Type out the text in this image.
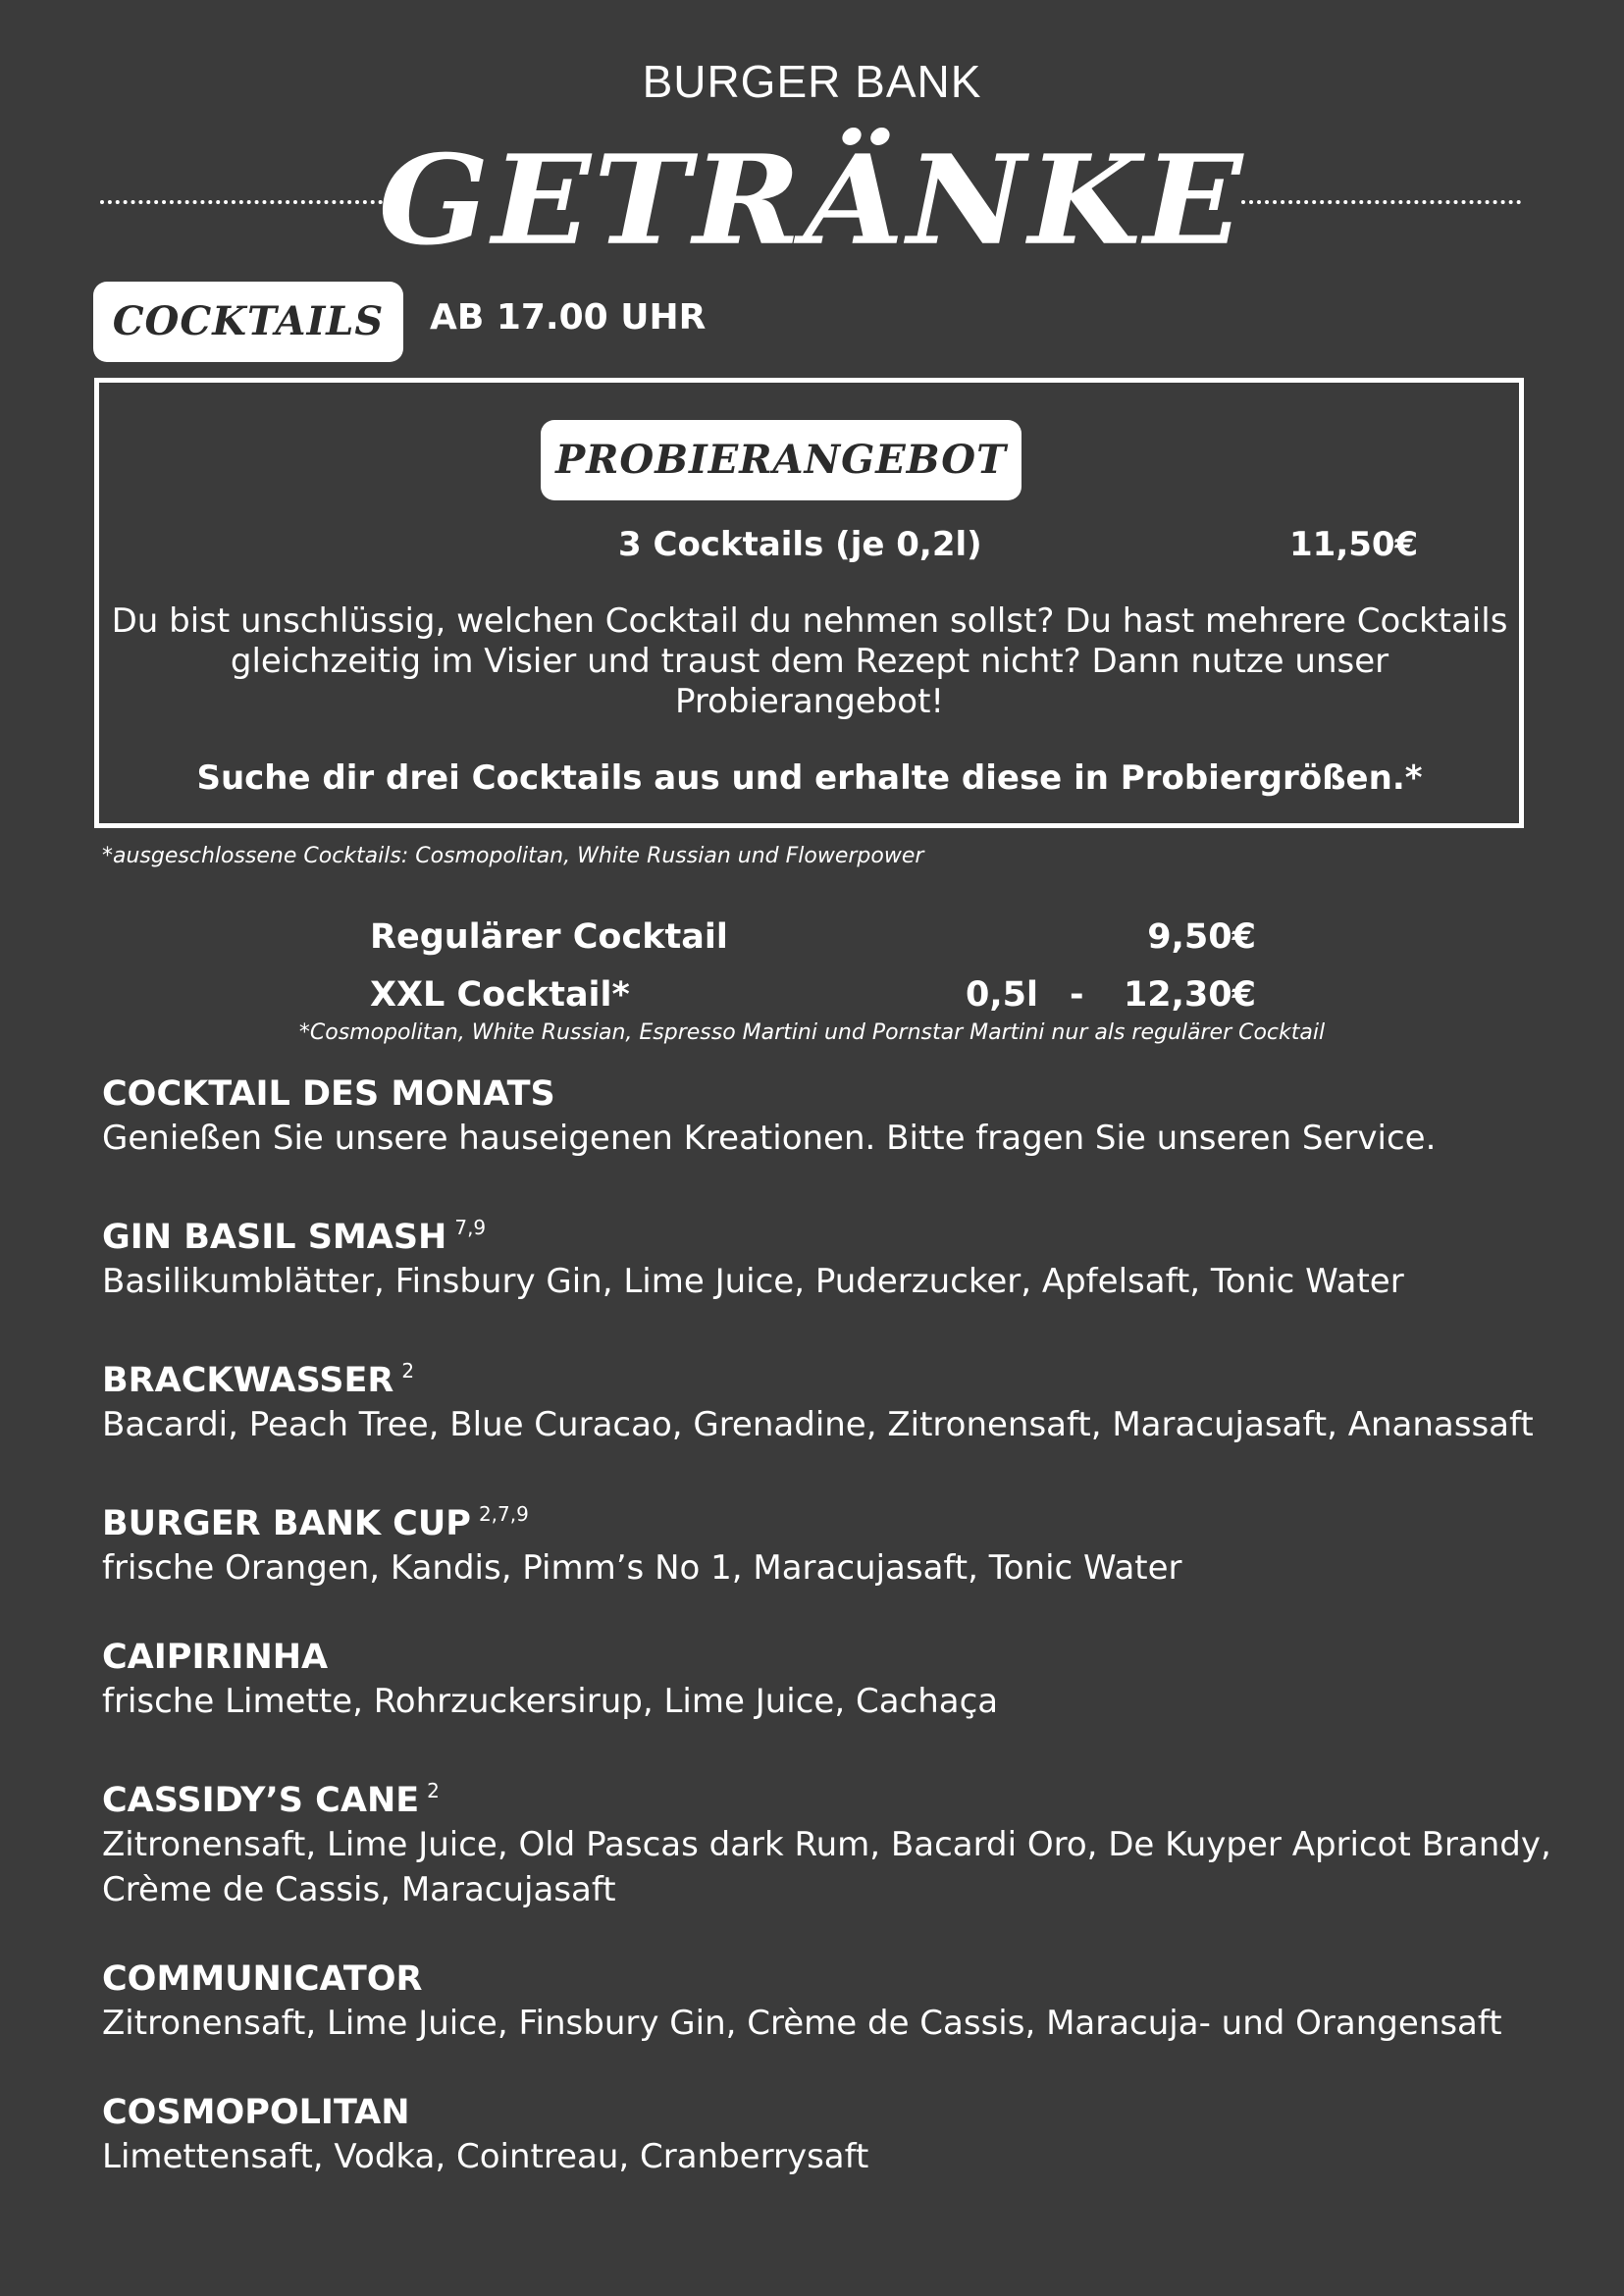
BURGER BANK
GETRÄNKE
COCKTAILS	AB 17.00 UHR
PROBIERANGEBOT
3 Cocktails (je 0,2l)	11,50€
Du bist unschlüssig, welchen Cocktail du nehmen sollst? Du hast mehrere Cocktails gleichzeitig im Visier und traust dem Rezept nicht? Dann nutze unser Probierangebot!
Suche dir drei Cocktails aus und erhalte diese in Probiergrößen.*
*ausgeschlossene Cocktails: Cosmopolitan, White Russian und Flowerpower
Regulärer Cocktail	9,50€
XXL Cocktail*	0,5l - 12,30€
*Cosmopolitan, White Russian, Espresso Martini und Pornstar Martini nur als regulärer Cocktail
COCKTAIL DES MONATS
Genießen Sie unsere hauseigenen Kreationen. Bitte fragen Sie unseren Service.
GIN BASIL SMASH $^{7,9}$
Basilikumblätter, Finsbury Gin, Lime Juice, Puderzucker, Apfelsaft, Tonic Water
BRACKWASSER $^2$
Bacardi, Peach Tree, Blue Curacao, Grenadine, Zitronensaft, Maracujasaft, Ananassaft
BURGER BANK CUP $^{2,7,9}$
frische Orangen, Kandis, Pimm’s No 1, Maracujasaft, Tonic Water
CAIPIRINHA
frische Limette, Rohrzuckersirup, Lime Juice, Cachaça
CASSIDY’S CANE $^2$
Zitronensaft, Lime Juice, Old Pascas dark Rum, Bacardi Oro, De Kuyper Apricot Brandy, Crème de Cassis, Maracujasaft
COMMUNICATOR
Zitronensaft, Lime Juice, Finsbury Gin, Crème de Cassis, Maracuja- und Orangensaft
COSMOPOLITAN
Limettensaft, Vodka, Cointreau, Cranberrysaft
